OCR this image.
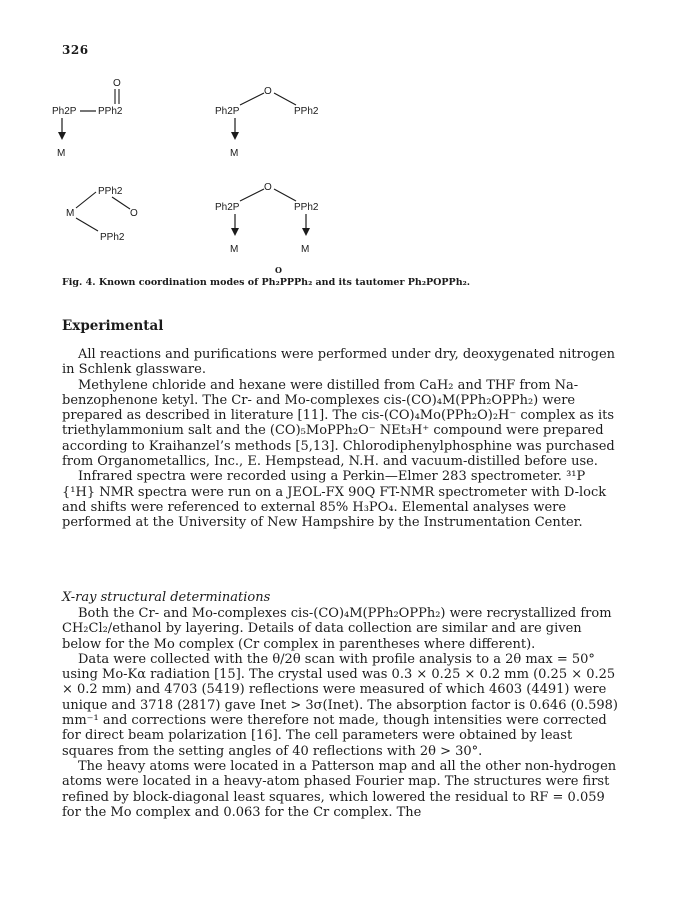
326
Ph2P PPh2
O
M
Ph2P
O
PPh2
M
PPh2
M	O
PPh2
Ph2P
O
PPh2
M	M
O
Fig. 4. Known coordination modes of Ph₂PPPh₂ and its tautomer Ph₂POPPh₂.
Experimental

All reactions and purifications were performed under dry, deoxygenated nitrogen in Schlenk glassware.

Methylene chloride and hexane were distilled from CaH₂ and THF from Na-benzophenone ketyl. The Cr- and Mo-complexes cis-(CO)₄M(PPh₂OPPh₂) were prepared as described in literature [11]. The cis-(CO)₄Mo(PPh₂O)₂H⁻ complex as its triethylammonium salt and the (CO)₅MoPPh₂O⁻ NEt₃H⁺ compound were prepared according to Kraihanzel’s methods [5,13]. Chlorodiphenylphosphine was purchased from Organometallics, Inc., E. Hempstead, N.H. and vacuum-distilled before use.

Infrared spectra were recorded using a Perkin—Elmer 283 spectrometer. ³¹P {¹H} NMR spectra were run on a JEOL-FX 90Q FT-NMR spectrometer with D-lock and shifts were referenced to external 85% H₃PO₄. Elemental analyses were performed at the University of New Hampshire by the Instrumentation Center.

X-ray structural determinations

Both the Cr- and Mo-complexes cis-(CO)₄M(PPh₂OPPh₂) were recrystallized from CH₂Cl₂/ethanol by layering. Details of data collection are similar and are given below for the Mo complex (Cr complex in parentheses where different).

Data were collected with the θ/2θ scan with profile analysis to a 2θ max = 50° using Mo-Kα radiation [15]. The crystal used was 0.3 × 0.25 × 0.2 mm (0.25 × 0.25 × 0.2 mm) and 4703 (5419) reflections were measured of which 4603 (4491) were unique and 3718 (2817) gave Inet > 3σ(Inet). The absorption factor is 0.646 (0.598) mm⁻¹ and corrections were therefore not made, though intensities were corrected for direct beam polarization [16]. The cell parameters were obtained by least squares from the setting angles of 40 reflections with 2θ > 30°.

The heavy atoms were located in a Patterson map and all the other non-hydrogen atoms were located in a heavy-atom phased Fourier map. The structures were first refined by block-diagonal least squares, which lowered the residual to RF = 0.059 for the Mo complex and 0.063 for the Cr complex. The
